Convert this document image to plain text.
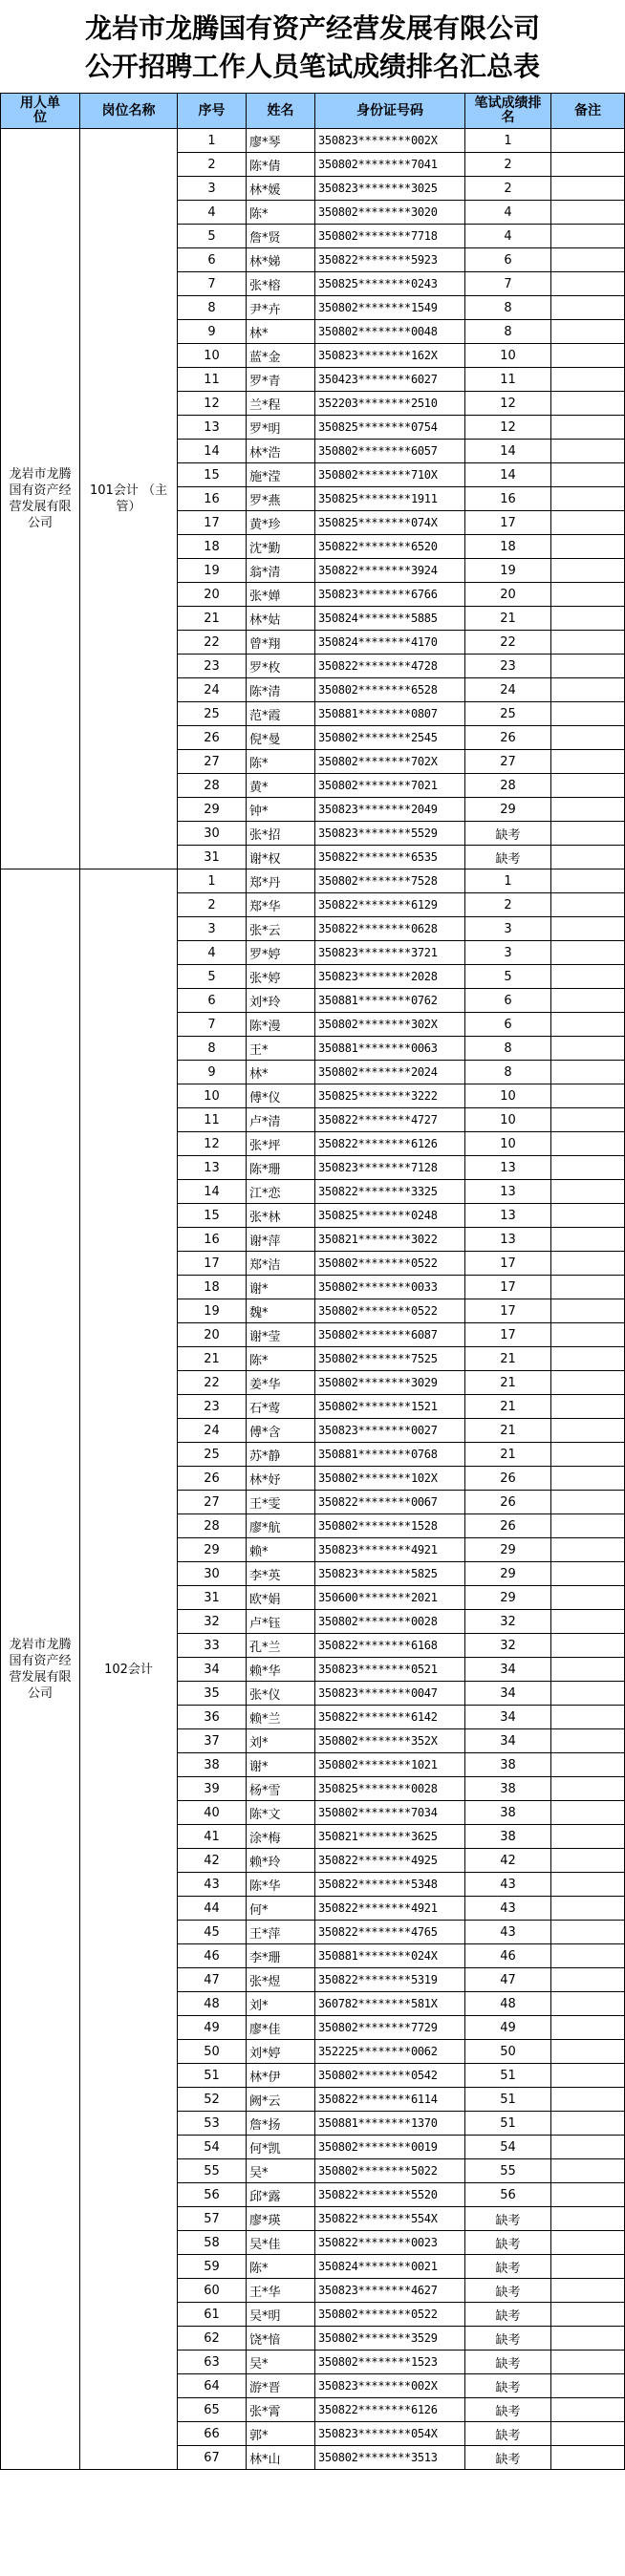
龙岩市龙腾国有资产经营发展有限公司
公开招聘工作人员笔试成绩排名汇总表
用人单位	岗位名称	序号	姓名	身份证号码	笔试成绩排名	备注
龙岩市龙腾国有资产经营发展有限公司	101会计 （主管）	1	廖*琴	350823********002X	1	
		2	陈*倩	350802********7041	2	
		3	林*媛	350823********3025	2	
		4	陈*	350802********3020	4	
		5	詹*贤	350802********7718	4	
		6	林*娣	350822********5923	6	
		7	张*榕	350825********0243	7	
		8	尹*卉	350802********1549	8	
		9	林*	350802********0048	8	
		10	蓝*金	350823********162X	10	
		11	罗*青	350423********6027	11	
		12	兰*程	352203********2510	12	
		13	罗*明	350825********0754	12	
		14	林*浩	350802********6057	14	
		15	施*滢	350802********710X	14	
		16	罗*燕	350825********1911	16	
		17	黄*珍	350825********074X	17	
		18	沈*勤	350822********6520	18	
		19	翁*清	350822********3924	19	
		20	张*婵	350823********6766	20	
		21	林*姑	350824********5885	21	
		22	曾*翔	350824********4170	22	
		23	罗*枚	350822********4728	23	
		24	陈*清	350802********6528	24	
		25	范*霞	350881********0807	25	
		26	倪*曼	350802********2545	26	
		27	陈*	350802********702X	27	
		28	黄*	350802********7021	28	
		29	钟*	350823********2049	29	
		30	张*招	350823********5529	缺考	
		31	谢*权	350822********6535	缺考	
龙岩市龙腾国有资产经营发展有限公司	102会计	1	郑*丹	350802********7528	1	
		2	郑*华	350822********6129	2	
		3	张*云	350822********0628	3	
		4	罗*婷	350823********3721	3	
		5	张*婷	350823********2028	5	
		6	刘*玲	350881********0762	6	
		7	陈*漫	350802********302X	6	
		8	王*	350881********0063	8	
		9	林*	350802********2024	8	
		10	傅*仪	350825********3222	10	
		11	卢*清	350822********4727	10	
		12	张*坪	350822********6126	10	
		13	陈*珊	350823********7128	13	
		14	江*恋	350822********3325	13	
		15	张*林	350825********0248	13	
		16	谢*萍	350821********3022	13	
		17	郑*洁	350802********0522	17	
		18	谢*	350802********0033	17	
		19	魏*	350802********0522	17	
		20	谢*莹	350802********6087	17	
		21	陈*	350802********7525	21	
		22	姜*华	350802********3029	21	
		23	石*莺	350802********1521	21	
		24	傅*含	350823********0027	21	
		25	苏*静	350881********0768	21	
		26	林*妤	350802********102X	26	
		27	王*雯	350822********0067	26	
		28	廖*航	350802********1528	26	
		29	赖*	350823********4921	29	
		30	李*英	350823********5825	29	
		31	欧*娟	350600********2021	29	
		32	卢*钰	350802********0028	32	
		33	孔*兰	350822********6168	32	
		34	赖*华	350823********0521	34	
		35	张*仪	350823********0047	34	
		36	赖*兰	350822********6142	34	
		37	刘*	350802********352X	34	
		38	谢*	350802********1021	38	
		39	杨*雪	350825********0028	38	
		40	陈*文	350802********7034	38	
		41	涂*梅	350821********3625	38	
		42	赖*玲	350822********4925	42	
		43	陈*华	350822********5348	43	
		44	何*	350822********4921	43	
		45	王*萍	350822********4765	43	
		46	李*珊	350881********024X	46	
		47	张*煜	350822********5319	47	
		48	刘*	360782********581X	48	
		49	廖*佳	350802********7729	49	
		50	刘*婷	352225********0062	50	
		51	林*伊	350802********0542	51	
		52	阙*云	350822********6114	51	
		53	詹*扬	350881********1370	51	
		54	何*凯	350802********0019	54	
		55	吴*	350802********5022	55	
		56	邱*露	350822********5520	56	
		57	廖*瑛	350822********554X	缺考	
		58	吴*佳	350822********0023	缺考	
		59	陈*	350824********0021	缺考	
		60	王*华	350823********4627	缺考	
		61	吴*明	350802********0522	缺考	
		62	饶*愔	350802********3529	缺考	
		63	吴*	350802********1523	缺考	
		64	游*晋	350823********002X	缺考	
		65	张*霄	350822********6126	缺考	
		66	郭*	350823********054X	缺考	
		67	林*山	350802********3513	缺考	
